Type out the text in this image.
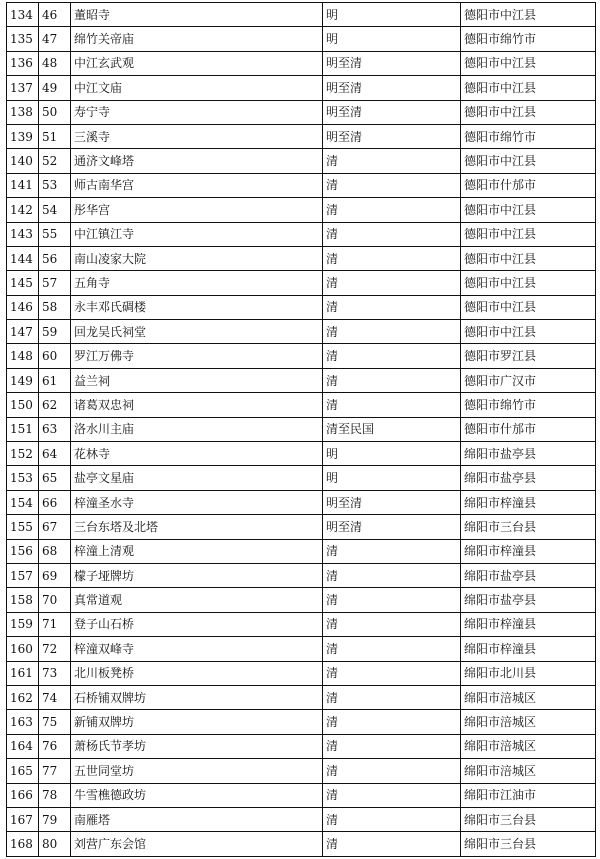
134	46	董昭寺	明	德阳市中江县
135	47	绵竹关帝庙	明	德阳市绵竹市
136	48	中江玄武观	明至清	德阳市中江县
137	49	中江文庙	明至清	德阳市中江县
138	50	寿宁寺	明至清	德阳市中江县
139	51	三溪寺	明至清	德阳市绵竹市
140	52	通济文峰塔	清	德阳市中江县
141	53	师古南华宫	清	德阳市什邡市
142	54	彤华宫	清	德阳市中江县
143	55	中江镇江寺	清	德阳市中江县
144	56	南山凌家大院	清	德阳市中江县
145	57	五角寺	清	德阳市中江县
146	58	永丰邓氏碉楼	清	德阳市中江县
147	59	回龙吴氏祠堂	清	德阳市中江县
148	60	罗江万佛寺	清	德阳市罗江县
149	61	益兰祠	清	德阳市广汉市
150	62	诸葛双忠祠	清	德阳市绵竹市
151	63	洛水川主庙	清至民国	德阳市什邡市
152	64	花林寺	明	绵阳市盐亭县
153	65	盐亭文星庙	明	绵阳市盐亭县
154	66	梓潼圣水寺	明至清	绵阳市梓潼县
155	67	三台东塔及北塔	明至清	绵阳市三台县
156	68	梓潼上清观	清	绵阳市梓潼县
157	69	檬子垭牌坊	清	绵阳市盐亭县
158	70	真常道观	清	绵阳市盐亭县
159	71	登子山石桥	清	绵阳市梓潼县
160	72	梓潼双峰寺	清	绵阳市梓潼县
161	73	北川板凳桥	清	绵阳市北川县
162	74	石桥铺双牌坊	清	绵阳市涪城区
163	75	新铺双牌坊	清	绵阳市涪城区
164	76	萧杨氏节孝坊	清	绵阳市涪城区
165	77	五世同堂坊	清	绵阳市涪城区
166	78	牛雪樵德政坊	清	绵阳市江油市
167	79	南雁塔	清	绵阳市三台县
168	80	刘营广东会馆	清	绵阳市三台县
